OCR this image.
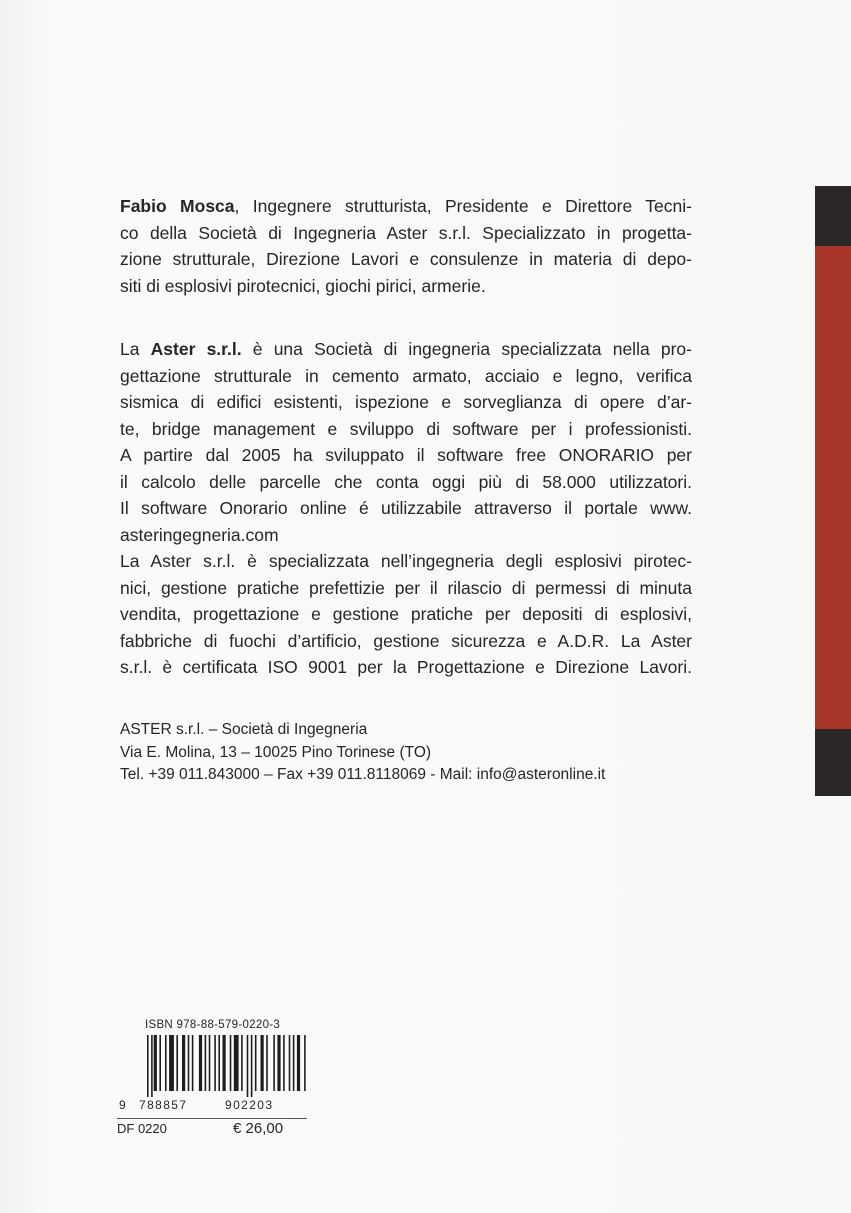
Fabio Mosca, Ingegnere strutturista, Presidente e Direttore Tecni-
co della Società di Ingegneria Aster s.r.l. Specializzato in progetta-
zione strutturale, Direzione Lavori e consulenze in materia di depo-
siti di esplosivi pirotecnici, giochi pirici, armerie.
La Aster s.r.l. è una Società di ingegneria specializzata nella pro-
gettazione strutturale in cemento armato, acciaio e legno, verifica
sismica di edifici esistenti, ispezione e sorveglianza di opere d’ar-
te, bridge management e sviluppo di software per i professionisti.
A partire dal 2005 ha sviluppato il software free ONORARIO per
il calcolo delle parcelle che conta oggi più di 58.000 utilizzatori.
Il software Onorario online é utilizzabile attraverso il portale www.
asteringegneria.com
La Aster s.r.l. è specializzata nell’ingegneria degli esplosivi pirotec-
nici, gestione pratiche prefettizie per il rilascio di permessi di minuta
vendita, progettazione e gestione pratiche per depositi di esplosivi,
fabbriche di fuochi d’artificio, gestione sicurezza e A.D.R. La Aster
s.r.l. è certificata ISO 9001 per la Progettazione e Direzione Lavori.
ASTER s.r.l. – Società di Ingegneria
Via E. Molina, 13 – 10025 Pino Torinese (TO)
Tel. +39 011.843000 – Fax +39 011.8118069 - Mail: info@asteronline.it
ISBN 978-88-579-0220-3
9 788857	902203
DF 0220	€ 26,00
